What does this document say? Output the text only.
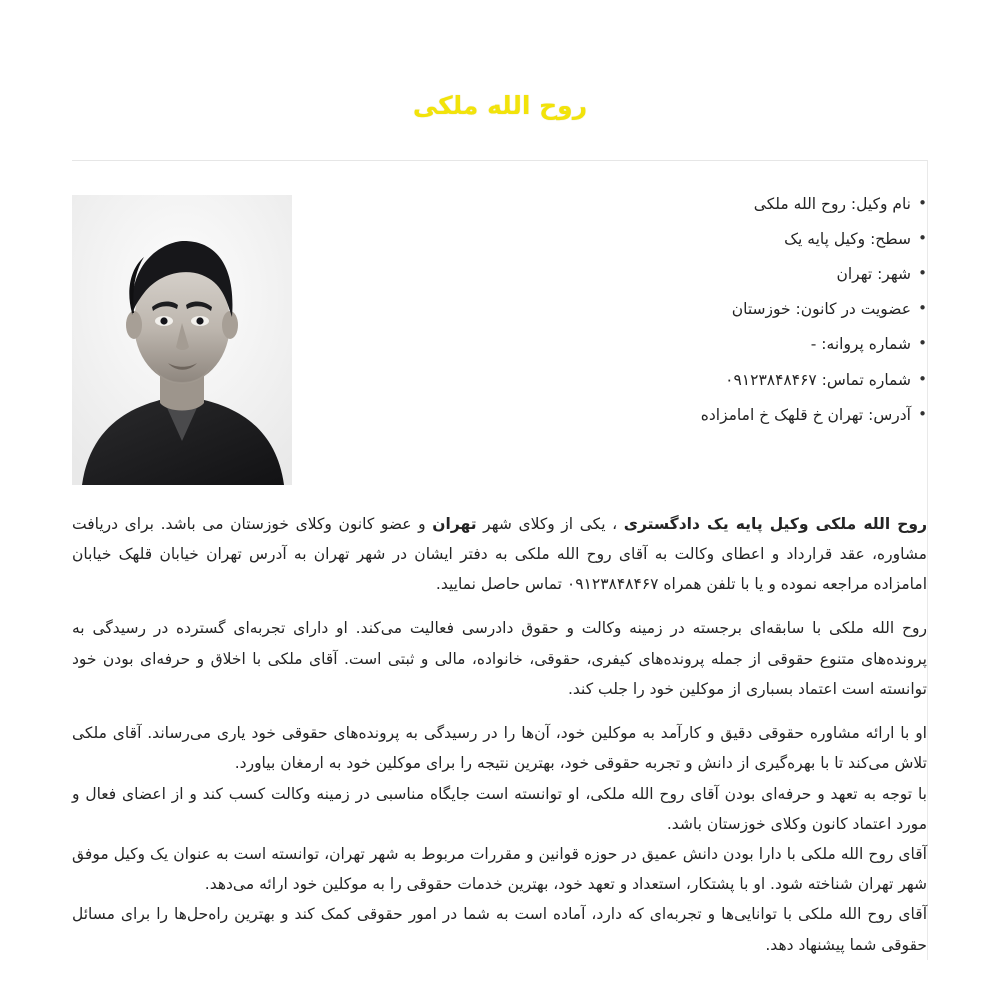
روح الله ملکی
• نام وکیل: روح الله ملکی
• سطح: وکیل پایه یک
• شهر: تهران
• عضویت در کانون: خوزستان
• شماره پروانه: -
• شماره تماس: ۰۹۱۲۳۸۴۸۴۶۷
• آدرس: تهران خ قلهک خ امامزاده

روح الله ملکی وکیل پایه یک دادگستری ، یکی از وکلای شهر تهران و عضو کانون وکلای خوزستان می باشد. برای دریافت مشاوره، عقد قرارداد و اعطای وکالت به آقای روح الله ملکی به دفتر ایشان در شهر تهران به آدرس تهران خیابان قلهک خیابان امامزاده مراجعه نموده و یا با تلفن همراه ۰۹۱۲۳۸۴۸۴۶۷ تماس حاصل نمایید.

روح الله ملکی با سابقه‌ای برجسته در زمینه وکالت و حقوق دادرسی فعالیت می‌کند. او دارای تجربه‌ای گسترده در رسیدگی به پرونده‌های متنوع حقوقی از جمله پرونده‌های کیفری، حقوقی، خانواده، مالی و ثبتی است. آقای ملکی با اخلاق و حرفه‌ای بودن خود توانسته است اعتماد بسباری از موکلین خود را جلب کند.

او با ارائه مشاوره حقوقی دقیق و کارآمد به موکلین خود، آن‌ها را در رسیدگی به پرونده‌های حقوقی خود یاری می‌رساند. آقای ملکی تلاش می‌کند تا با بهره‌گیری از دانش و تجربه حقوقی خود، بهترین نتیجه را برای موکلین خود به ارمغان بیاورد.

با توجه به تعهد و حرفه‌ای بودن آقای روح الله ملکی، او توانسته است جایگاه مناسبی در زمینه وکالت کسب کند و از اعضای فعال و مورد اعتماد کانون وکلای خوزستان باشد.

آقای روح الله ملکی با دارا بودن دانش عمیق در حوزه قوانین و مقررات مربوط به شهر تهران، توانسته است به عنوان یک وکیل موفق شهر تهران شناخته شود. او با پشتکار، استعداد و تعهد خود، بهترین خدمات حقوقی را به موکلین خود ارائه می‌دهد.

آقای روح الله ملکی با توانایی‌ها و تجربه‌ای که دارد، آماده است به شما در امور حقوقی کمک کند و بهترین راه‌حل‌ها را برای مسائل حقوقی شما پیشنهاد دهد.
